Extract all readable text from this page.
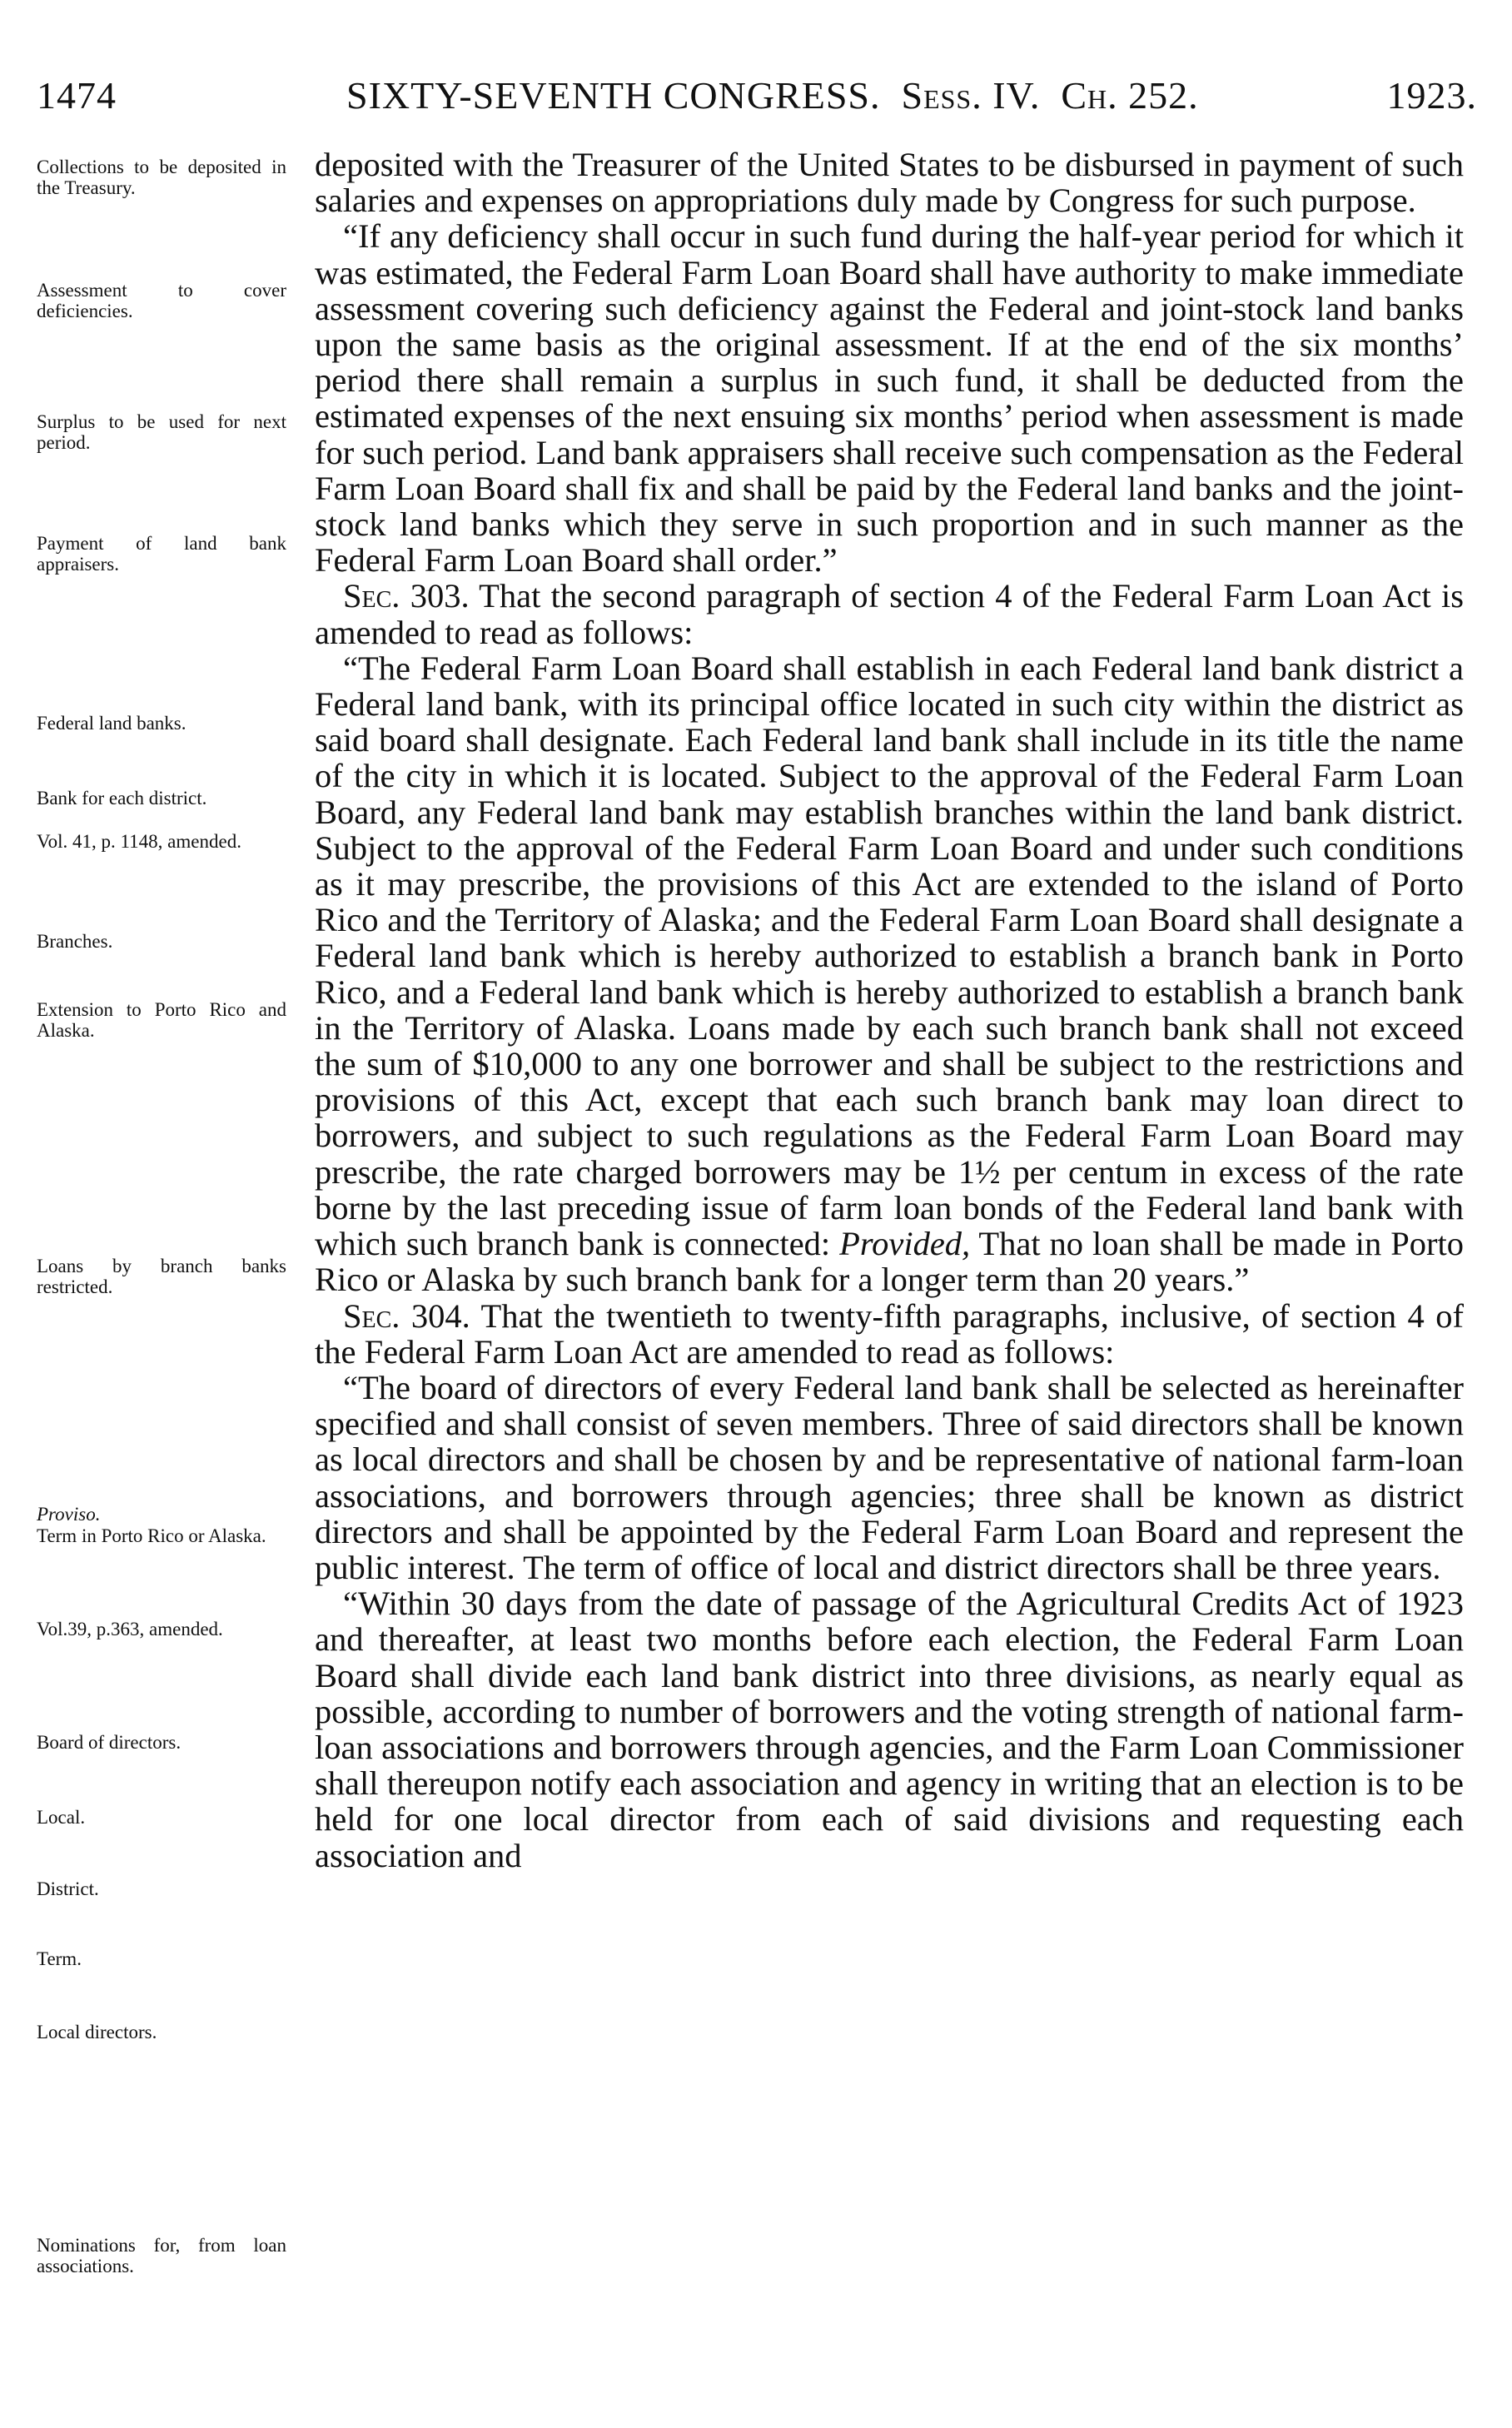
1474	SIXTY-SEVENTH CONGRESS. Sess. IV. Ch. 252.	1923.
Collections to be deposited in the Treasury.
Assessment to cover deficiencies.
Surplus to be used for next period.
Payment of land bank appraisers.
Federal land banks.
Bank for each district.
Vol. 41, p. 1148, amended.
Branches.
Extension to Porto Rico and Alaska.
Loans by branch banks restricted.
Proviso.
Term in Porto Rico or Alaska.
Vol.39, p.363, amended.
Board of directors.
Local.
District.
Term.
Local directors.
Nominations for, from loan associations.

deposited with the Treasurer of the United States to be disbursed in payment of such salaries and expenses on appropriations duly made by Congress for such purpose.

“If any deficiency shall occur in such fund during the half-year period for which it was estimated, the Federal Farm Loan Board shall have authority to make immediate assessment covering such deficiency against the Federal and joint-stock land banks upon the same basis as the original assessment. If at the end of the six months’ period there shall remain a surplus in such fund, it shall be deducted from the estimated expenses of the next ensuing six months’ period when assessment is made for such period. Land bank appraisers shall receive such compensation as the Federal Farm Loan Board shall fix and shall be paid by the Federal land banks and the joint-stock land banks which they serve in such proportion and in such manner as the Federal Farm Loan Board shall order.”

Sec. 303. That the second paragraph of section 4 of the Federal Farm Loan Act is amended to read as follows:

“The Federal Farm Loan Board shall establish in each Federal land bank district a Federal land bank, with its principal office located in such city within the district as said board shall designate. Each Federal land bank shall include in its title the name of the city in which it is located. Subject to the approval of the Federal Farm Loan Board, any Federal land bank may establish branches within the land bank district. Subject to the approval of the Federal Farm Loan Board and under such conditions as it may prescribe, the provisions of this Act are extended to the island of Porto Rico and the Territory of Alaska; and the Federal Farm Loan Board shall designate a Federal land bank which is hereby authorized to establish a branch bank in Porto Rico, and a Federal land bank which is hereby authorized to establish a branch bank in the Territory of Alaska. Loans made by each such branch bank shall not exceed the sum of $10,000 to any one borrower and shall be subject to the restrictions and provisions of this Act, except that each such branch bank may loan direct to borrowers, and subject to such regulations as the Federal Farm Loan Board may prescribe, the rate charged borrowers may be 1½ per centum in excess of the rate borne by the last preceding issue of farm loan bonds of the Federal land bank with which such branch bank is connected: Provided, That no loan shall be made in Porto Rico or Alaska by such branch bank for a longer term than 20 years.”

Sec. 304. That the twentieth to twenty-fifth paragraphs, inclusive, of section 4 of the Federal Farm Loan Act are amended to read as follows:

“The board of directors of every Federal land bank shall be selected as hereinafter specified and shall consist of seven members. Three of said directors shall be known as local directors and shall be chosen by and be representative of national farm-loan associations, and borrowers through agencies; three shall be known as district directors and shall be appointed by the Federal Farm Loan Board and represent the public interest. The term of office of local and district directors shall be three years.

“Within 30 days from the date of passage of the Agricultural Credits Act of 1923 and thereafter, at least two months before each election, the Federal Farm Loan Board shall divide each land bank district into three divisions, as nearly equal as possible, according to number of borrowers and the voting strength of national farm-loan associations and borrowers through agencies, and the Farm Loan Commissioner shall thereupon notify each association and agency in writing that an election is to be held for one local director from each of said divisions and requesting each association and
